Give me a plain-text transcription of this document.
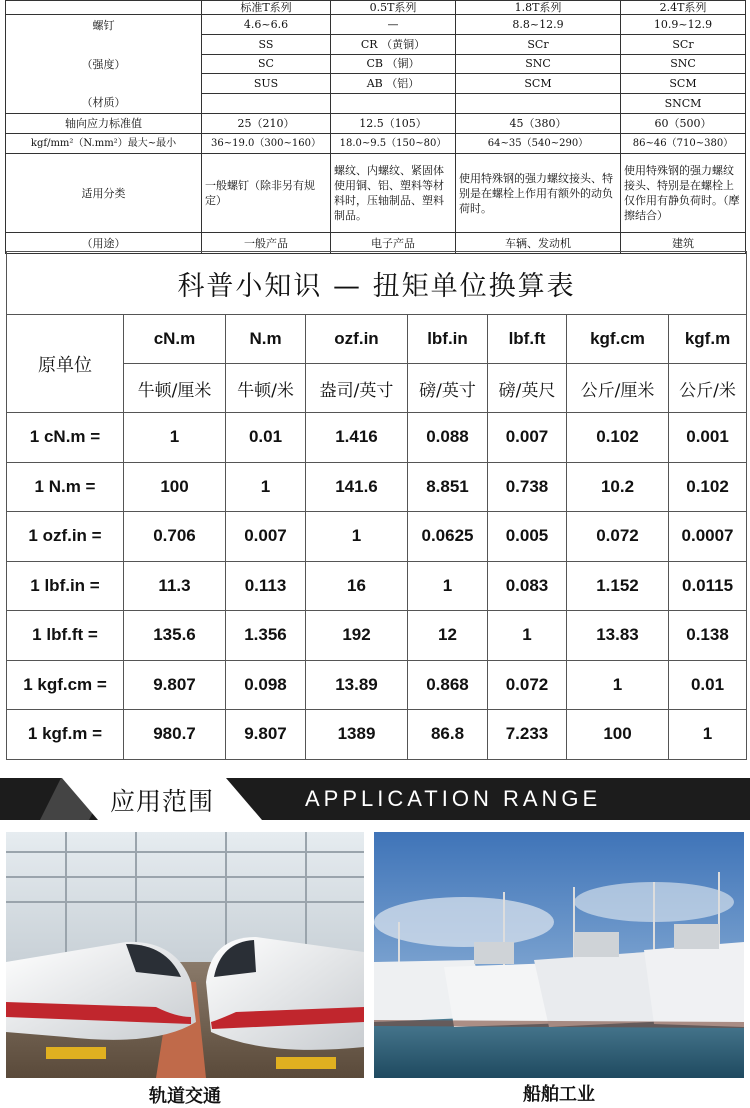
	标准T系列	0.5T系列	1.8T系列	2.4T系列

螺钉
（强度）
（材质）	4.6~6.6	—	8.8~12.9	10.9~12.9
	SS	CR （黄铜）	SCr	SCr
	SC	CB （铜）	SNC	SNC
	SUS	AB （铝）	SCM	SCM
				SNCM
轴向应力标准值	25（210）	12.5（105）	45（380）	60（500）
kgf/mm²（N.mm²）最大~最小	36~19.0（300~160）	18.0~9.5（150~80）	64~35（540~290）	86~46（710~380）
适用分类	一般螺钉（除非另有规定）	螺纹、内螺纹、紧固体使用铜、铝、塑料等材料时，压轴制品、塑料制品。	使用特殊钢的强力螺纹接头、特别是在螺栓上作用有额外的动负荷时。	使用特殊钢的强力螺纹接头、特别是在螺栓上仅作用有静负荷时。（摩擦结合）
（用途）	一般产品	电子产品	车辆、发动机	建筑
科普小知识 — 扭矩单位换算表							
原单位	cN.m	N.m	ozf.in	lbf.in	lbf.ft	kgf.cm	kgf.m
	牛顿/厘米	牛顿/米	盎司/英寸	磅/英寸	磅/英尺	公斤/厘米	公斤/米
1 cN.m =	1	0.01	1.416	0.088	0.007	0.102	0.001
1 N.m =	100	1	141.6	8.851	0.738	10.2	0.102
1 ozf.in =	0.706	0.007	1	0.0625	0.005	0.072	0.0007
1 lbf.in =	11.3	0.113	16	1	0.083	1.152	0.0115
1 lbf.ft =	135.6	1.356	192	12	1	13.83	0.138
1 kgf.cm =	9.807	0.098	13.89	0.868	0.072	1	0.01
1 kgf.m =	980.7	9.807	1389	86.8	7.233	100	1
应用范围	APPLICATION RANGE
轨道交通	船舶工业
